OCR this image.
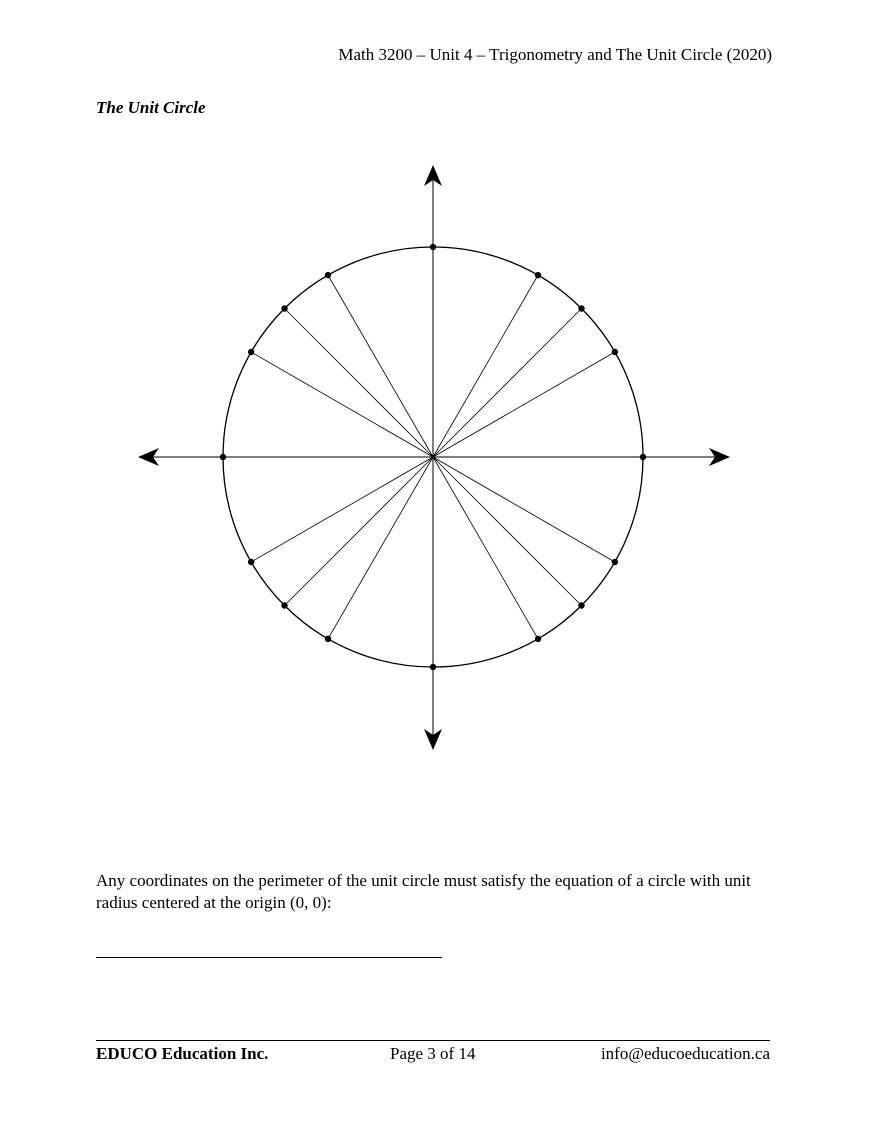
Math 3200 – Unit 4 – Trigonometry and The Unit Circle (2020)
The Unit Circle
Any coordinates on the perimeter of the unit circle must satisfy the equation of a circle with unit radius centered at the origin (0, 0):
EDUCO Education Inc.	Page 3 of 14	info@educoeducation.ca
